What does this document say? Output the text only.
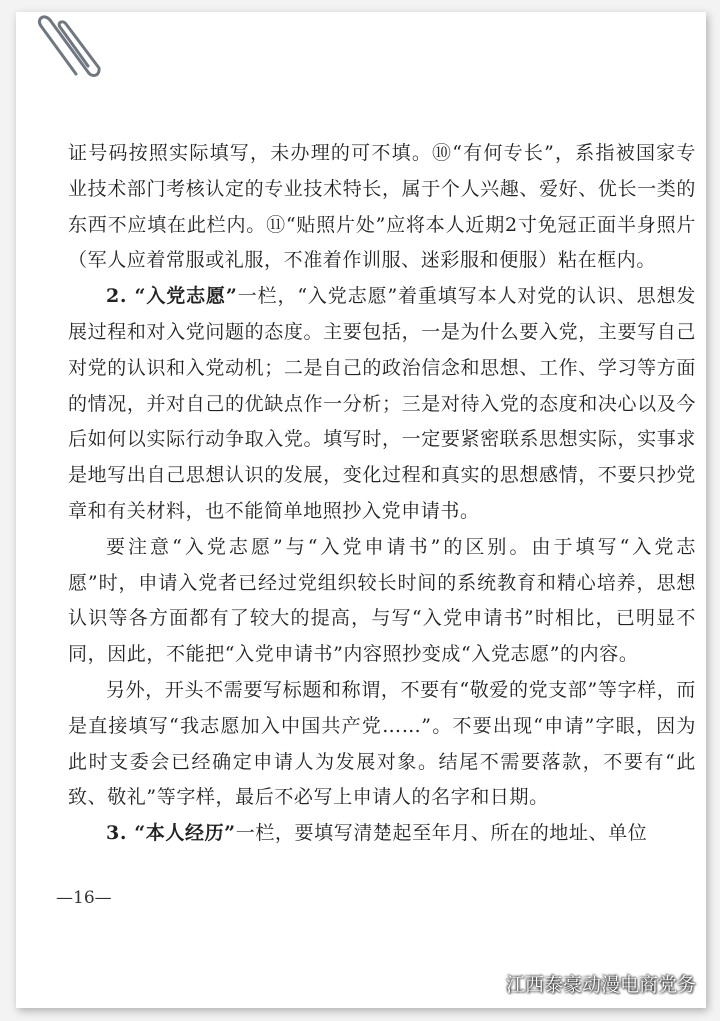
证号码按照实际填写，未办理的可不填。⑩“有何专长”，系指被国家专业技术部门考核认定的专业技术特长，属于个人兴趣、爱好、优长一类的东西不应填在此栏内。⑪“贴照片处”应将本人近期2寸免冠正面半身照片（军人应着常服或礼服，不准着作训服、迷彩服和便服）粘在框内。

2. “入党志愿”一栏，“入党志愿”着重填写本人对党的认识、思想发展过程和对入党问题的态度。主要包括，一是为什么要入党，主要写自己对党的认识和入党动机；二是自己的政治信念和思想、工作、学习等方面的情况，并对自己的优缺点作一分析；三是对待入党的态度和决心以及今后如何以实际行动争取入党。填写时，一定要紧密联系思想实际，实事求是地写出自己思想认识的发展，变化过程和真实的思想感情，不要只抄党章和有关材料，也不能简单地照抄入党申请书。

要注意“入党志愿”与“入党申请书”的区别。由于填写“入党志愿”时，申请入党者已经过党组织较长时间的系统教育和精心培养，思想认识等各方面都有了较大的提高，与写“入党申请书”时相比，已明显不同，因此，不能把“入党申请书”内容照抄变成“入党志愿”的内容。

另外，开头不需要写标题和称谓，不要有“敬爱的党支部”等字样，而是直接填写“我志愿加入中国共产党……”。不要出现“申请”字眼，因为此时支委会已经确定申请人为发展对象。结尾不需要落款，不要有“此致、敬礼”等字样，最后不必写上申请人的名字和日期。

3. “本人经历”一栏，要填写清楚起至年月、所在的地址、单位

—16—
江西泰豪动漫电商党务
